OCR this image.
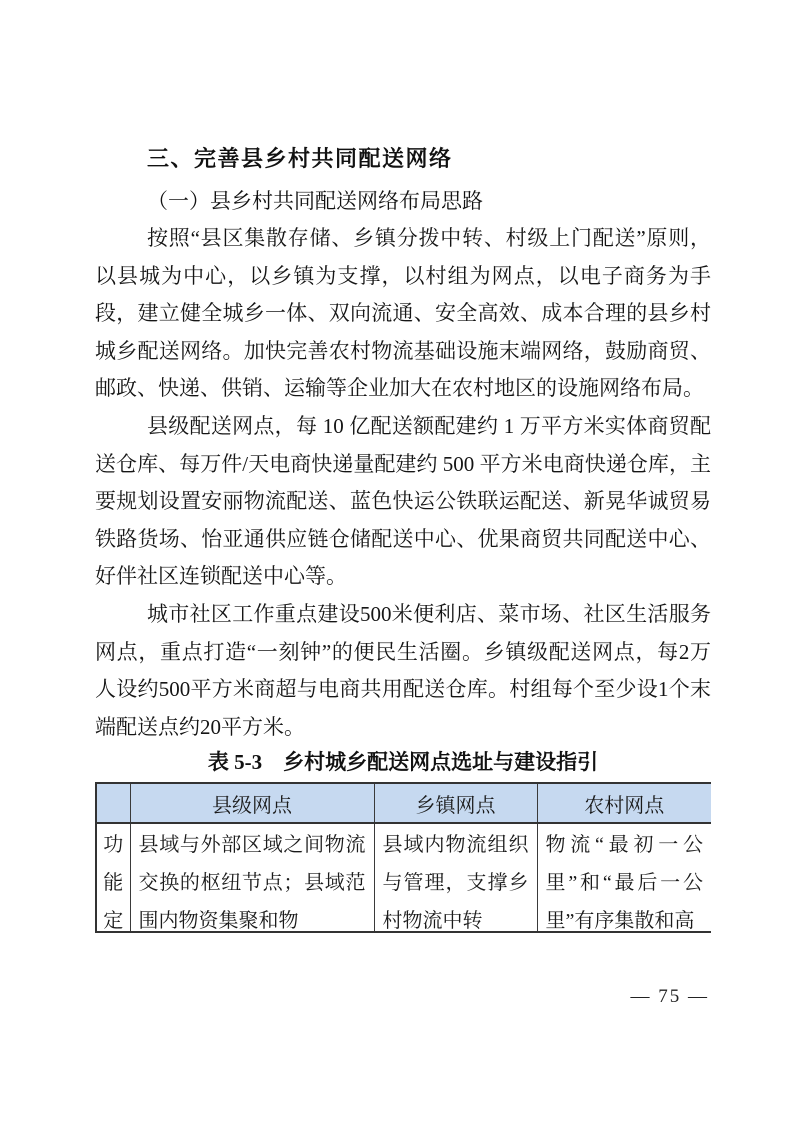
三、完善县乡村共同配送网络
（一）县乡村共同配送网络布局思路

按照“县区集散存储、乡镇分拨中转、村级上门配送”原则，以县城为中心，以乡镇为支撑，以村组为网点，以电子商务为手段，建立健全城乡一体、双向流通、安全高效、成本合理的县乡村城乡配送网络。加快完善农村物流基础设施末端网络，鼓励商贸、邮政、快递、供销、运输等企业加大在农村地区的设施网络布局。

县级配送网点，每 10 亿配送额配建约 1 万平方米实体商贸配送仓库、每万件/天电商快递量配建约 500 平方米电商快递仓库，主要规划设置安丽物流配送、蓝色快运公铁联运配送、新晃华诚贸易铁路货场、怡亚通供应链仓储配送中心、优果商贸共同配送中心、好伴社区连锁配送中心等。

城市社区工作重点建设500米便利店、菜市场、社区生活服务网点，重点打造“一刻钟”的便民生活圈。乡镇级配送网点，每2万人设约500平方米商超与电商共用配送仓库。村组每个至少设1个末端配送点约20平方米。

表 5-3　乡村城乡配送网点选址与建设指引
	县级网点	乡镇网点	农村网点
功能定	县域与外部区域之间物流交换的枢纽节点；县域范围内物资集聚和物	县域内物流组织与管理，支撑乡村物流中转	物流“最初一公里”和“最后一公里”有序集散和高
— 75 —
